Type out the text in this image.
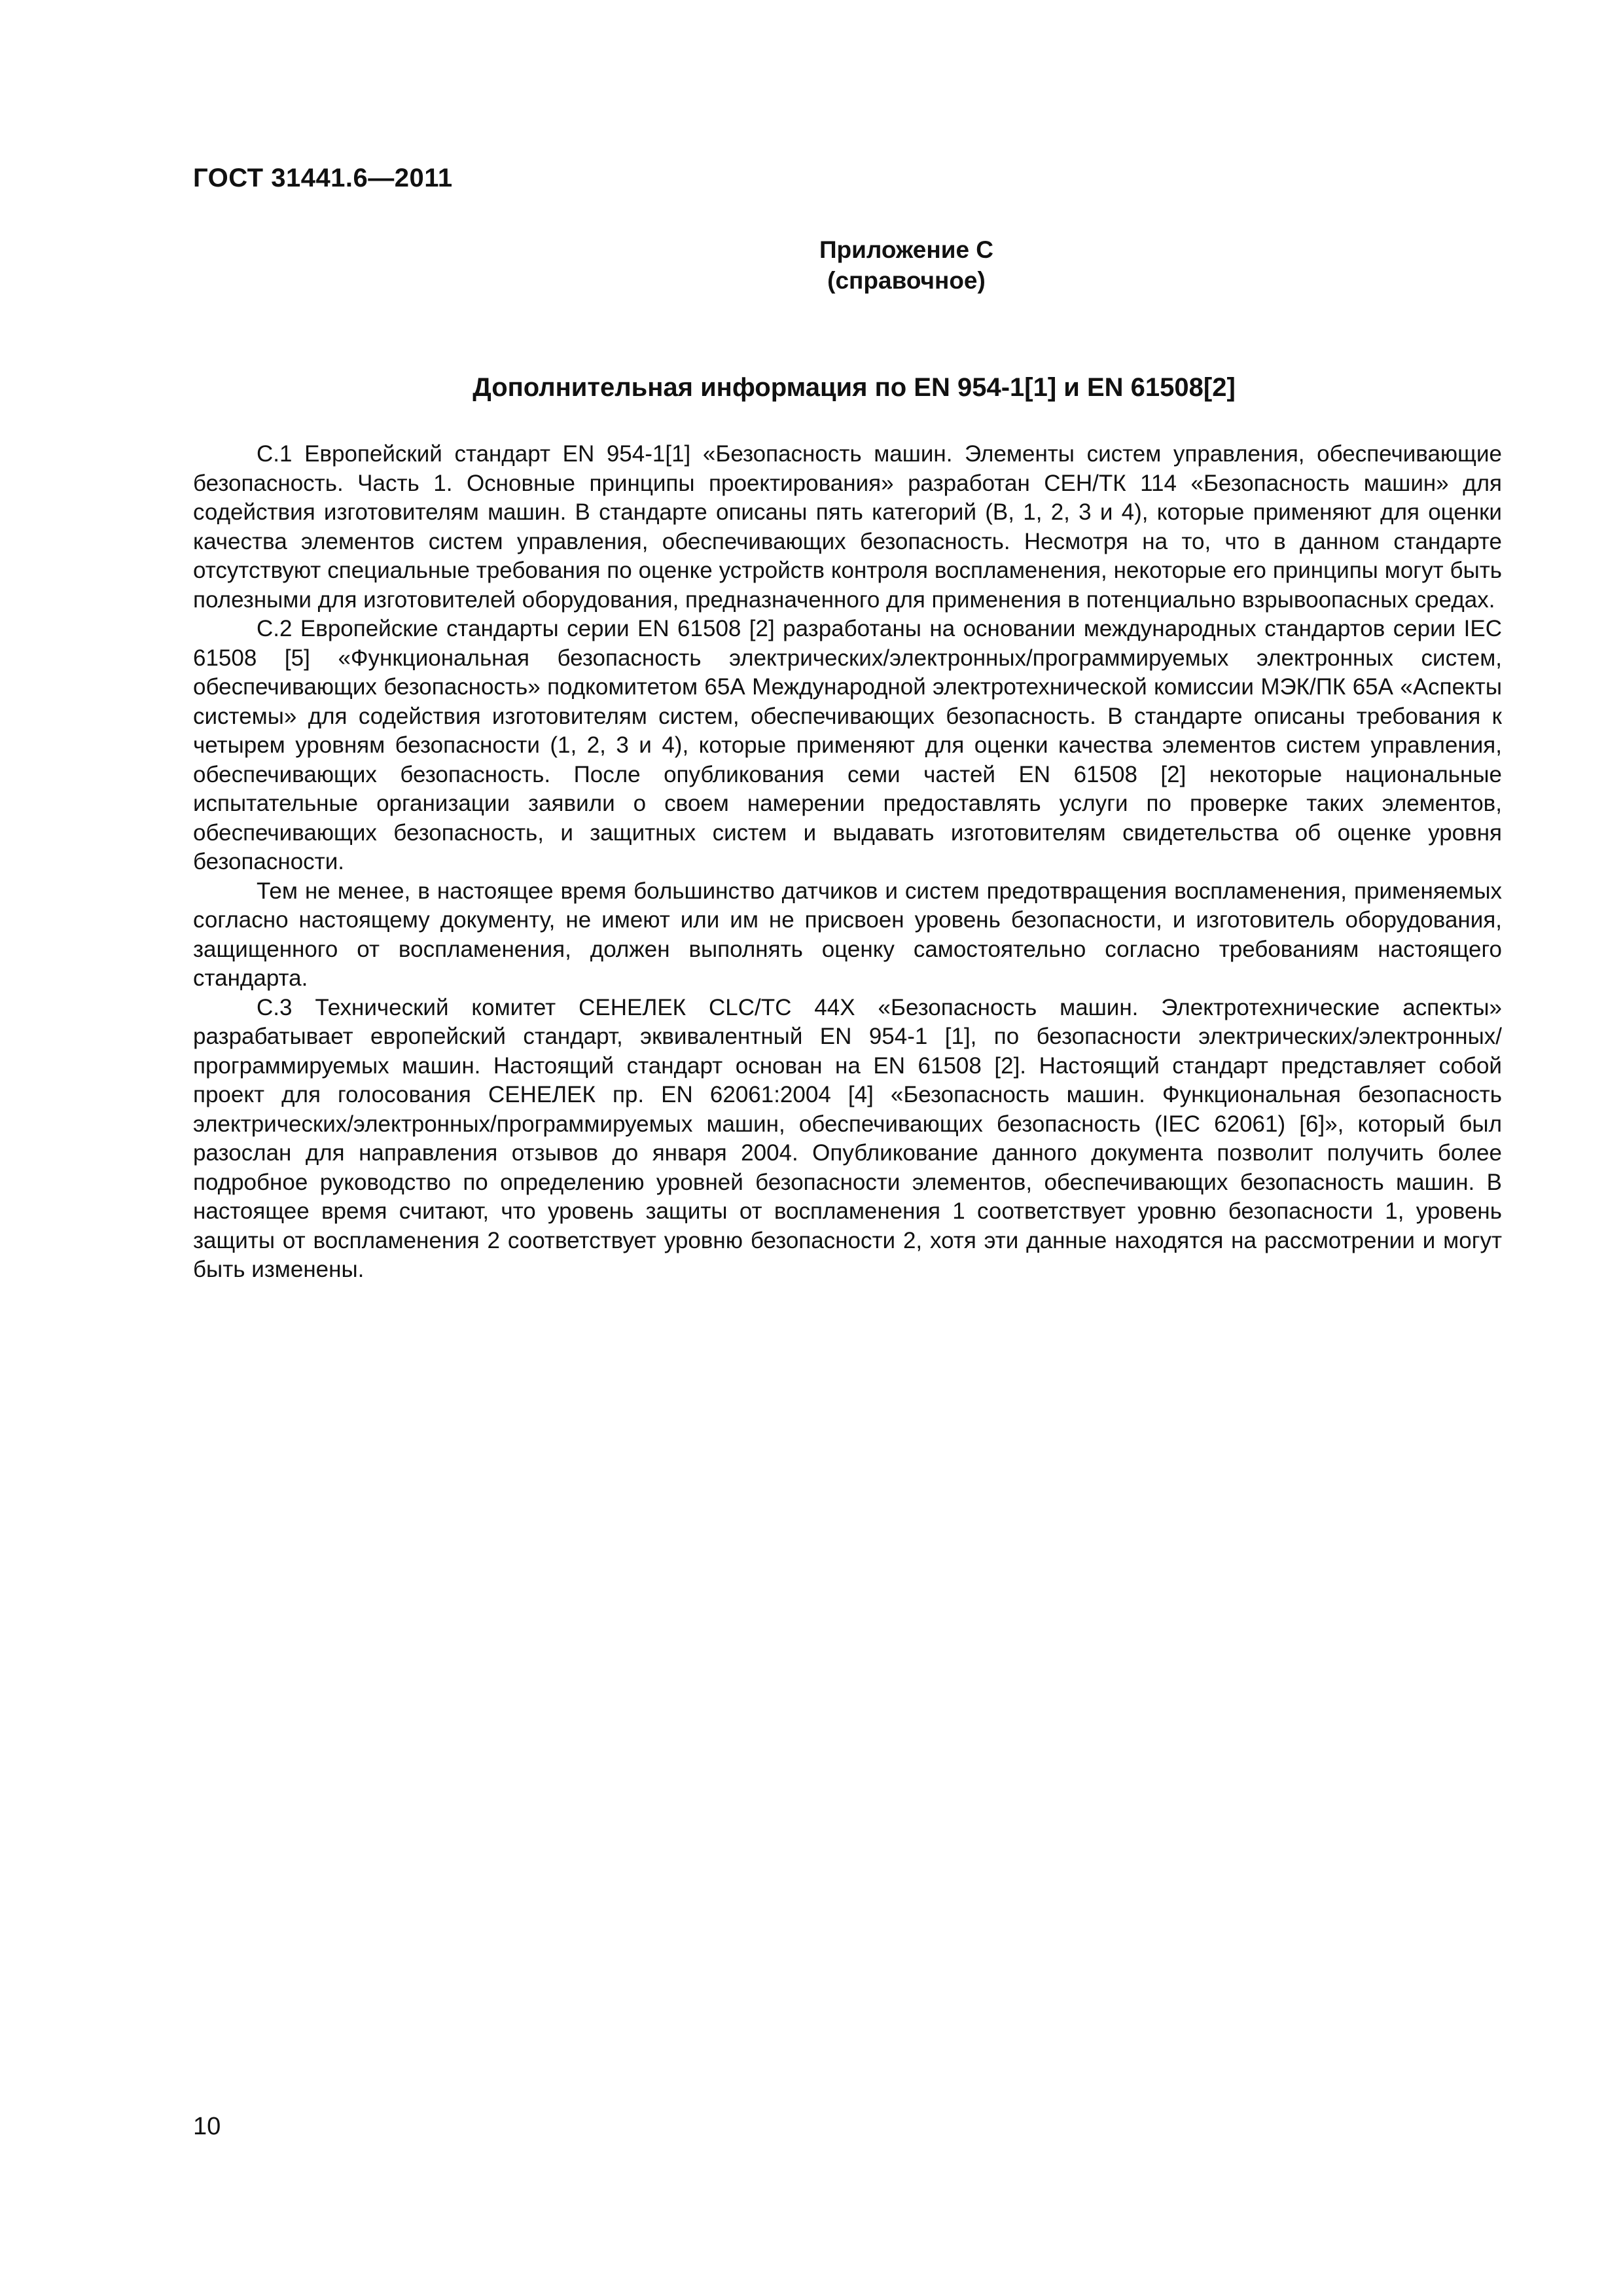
ГОСТ 31441.6—2011
Приложение С
(справочное)
Дополнительная информация по EN 954-1[1] и EN 61508[2]

С.1 Европейский стандарт EN 954-1[1] «Безопасность машин. Элементы систем управления, обеспечивающие безопасность. Часть 1. Основные принципы проектирования» разработан СЕН/ТК 114 «Безопасность машин» для содействия изготовителям машин. В стандарте описаны пять категорий (В, 1, 2, 3 и 4), которые применяют для оценки качества элементов систем управления, обеспечивающих безопасность. Несмотря на то, что в данном стандарте отсутствуют специальные требования по оценке устройств контроля воспламенения, некоторые его принципы могут быть полезными для изготовителей оборудования, предназначенного для применения в потенциально взрывоопасных средах.

С.2 Европейские стандарты серии EN 61508 [2] разработаны на основании международных стандартов серии IEC 61508 [5] «Функциональная безопасность электрических/электронных/программируемых электронных систем, обеспечивающих безопасность» подкомитетом 65А Международной электротехнической комиссии МЭК/ПК 65А «Аспекты системы» для содействия изготовителям систем, обеспечивающих безопасность. В стандарте описаны требования к четырем уровням безопасности (1, 2, 3 и 4), которые применяют для оценки качества элементов систем управления, обеспечивающих безопасность. После опубликования семи частей EN 61508 [2] некоторые национальные испытательные организации заявили о своем намерении предоставлять услуги по проверке таких элементов, обеспечивающих безопасность, и защитных систем и выдавать изготовителям свидетельства об оценке уровня безопасности.

Тем не менее, в настоящее время большинство датчиков и систем предотвращения воспламенения, применяемых согласно настоящему документу, не имеют или им не присвоен уровень безопасности, и изготовитель оборудования, защищенного от воспламенения, должен выполнять оценку самостоятельно согласно требованиям настоящего стандарта.

С.3 Технический комитет СЕНЕЛЕК CLC/TC 44X «Безопасность машин. Электротехнические аспекты» разрабатывает европейский стандарт, эквивалентный EN 954-1 [1], по безопасности электрических/электронных/программируемых машин. Настоящий стандарт основан на EN 61508 [2]. Настоящий стандарт представляет собой проект для голосования СЕНЕЛЕК пр. EN 62061:2004 [4] «Безопасность машин. Функциональная безопасность электрических/электронных/программируемых машин, обеспечивающих безопасность (IEC 62061) [6]», который был разослан для направления отзывов до января 2004. Опубликование данного документа позволит получить более подробное руководство по определению уровней безопасности элементов, обеспечивающих безопасность машин. В настоящее время считают, что уровень защиты от воспламенения 1 соответствует уровню безопасности 1, уровень защиты от воспламенения 2 соответствует уровню безопасности 2, хотя эти данные находятся на рассмотрении и могут быть изменены.

10
